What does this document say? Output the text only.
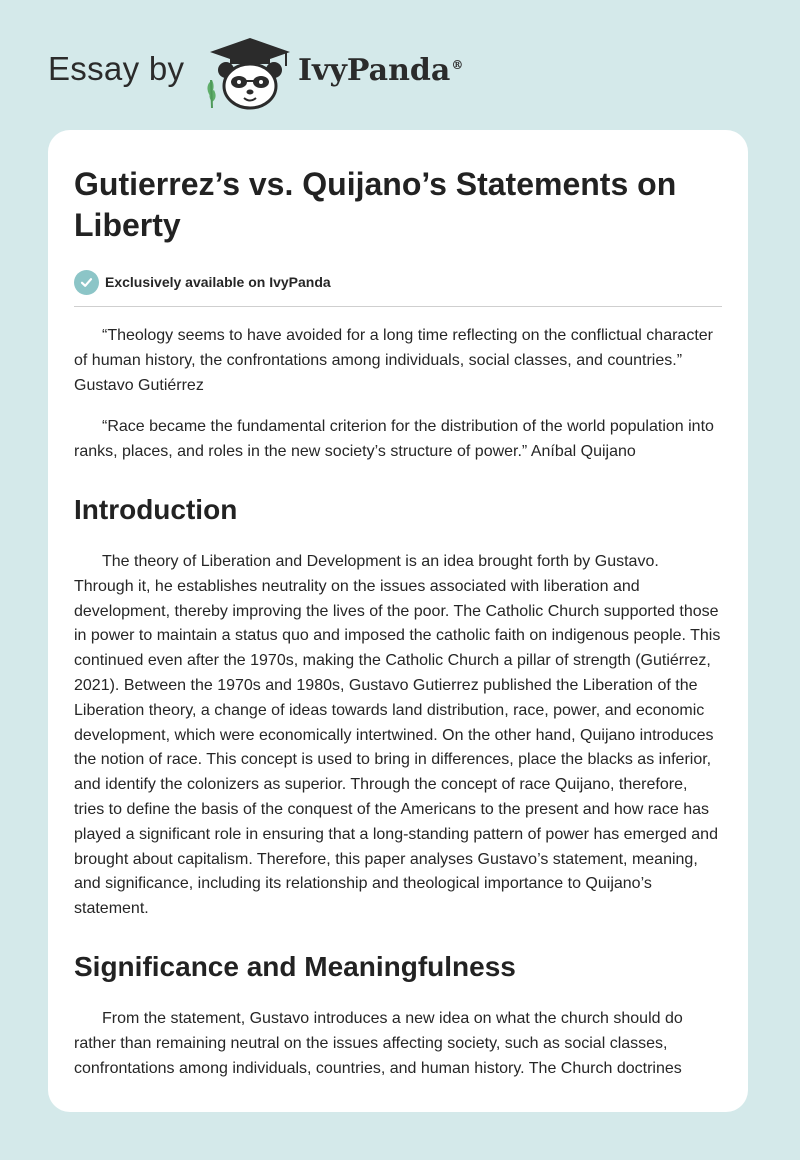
Essay by	IvyPanda®
Gutierrez’s vs. Quijano’s Statements on Liberty
Exclusively available on IvyPanda

“Theology seems to have avoided for a long time reflecting on the conflictual character of human history, the confrontations among individuals, social classes, and countries.” Gustavo Gutiérrez

“Race became the fundamental criterion for the distribution of the world population into ranks, places, and roles in the new society’s structure of power.” Aníbal Quijano

Introduction

The theory of Liberation and Development is an idea brought forth by Gustavo. Through it, he establishes neutrality on the issues associated with liberation and development, thereby improving the lives of the poor. The Catholic Church supported those in power to maintain a status quo and imposed the catholic faith on indigenous people. This continued even after the 1970s, making the Catholic Church a pillar of strength (Gutiérrez, 2021). Between the 1970s and 1980s, Gustavo Gutierrez published the Liberation of the Liberation theory, a change of ideas towards land distribution, race, power, and economic development, which were economically intertwined. On the other hand, Quijano introduces the notion of race. This concept is used to bring in differences, place the blacks as inferior, and identify the colonizers as superior. Through the concept of race Quijano, therefore, tries to define the basis of the conquest of the Americans to the present and how race has played a significant role in ensuring that a long-standing pattern of power has emerged and brought about capitalism. Therefore, this paper analyses Gustavo’s statement, meaning, and significance, including its relationship and theological importance to Quijano’s statement.

Significance and Meaningfulness

From the statement, Gustavo introduces a new idea on what the church should do rather than remaining neutral on the issues affecting society, such as social classes, confrontations among individuals, countries, and human history. The Church doctrines
